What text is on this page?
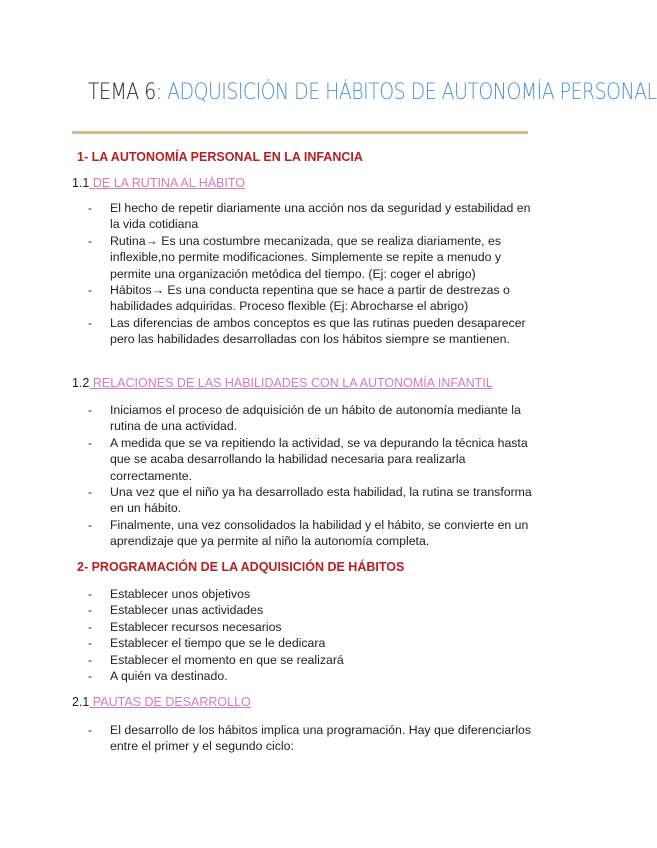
TEMA 6: ADQUISICIÓN DE HÁBITOS DE AUTONOMÍA PERSONAL
1- LA AUTONOMÍA PERSONAL EN LA INFANCIA
1.1 DE LA RUTINA AL HÁBITO
- El hecho de repetir diariamente una acción nos da seguridad y estabilidad en la vida cotidiana
- Rutina→ Es una costumbre mecanizada, que se realiza diariamente, es inflexible,no permite modificaciones. Simplemente se repite a menudo y permite una organización metódica del tiempo. (Ej: coger el abrigo)
- Hábitos→ Es una conducta repentina que se hace a partir de destrezas o habilidades adquiridas. Proceso flexible (Ej: Abrocharse el abrigo)
- Las diferencias de ambos conceptos es que las rutinas pueden desaparecer pero las habilidades desarrolladas con los hábitos siempre se mantienen.
1.2 RELACIONES DE LAS HABILIDADES CON LA AUTONOMÍA INFANTIL
- Iniciamos el proceso de adquisición de un hábito de autonomía mediante la rutina de una actividad.
- A medida que se va repitiendo la actividad, se va depurando la técnica hasta que se acaba desarrollando la habilidad necesaria para realizarla correctamente.
- Una vez que el niño ya ha desarrollado esta habilidad, la rutina se transforma en un hábito.
- Finalmente, una vez consolidados la habilidad y el hábito, se convierte en un aprendizaje que ya permite al niño la autonomía completa.
2- PROGRAMACIÓN DE LA ADQUISICIÓN DE HÁBITOS
- Establecer unos objetivos
- Establecer unas actividades
- Establecer recursos necesarios
- Establecer el tiempo que se le dedicara
- Establecer el momento en que se realizará
- A quién va destinado.
2.1 PAUTAS DE DESARROLLO
- El desarrollo de los hábitos implica una programación. Hay que diferenciarlos entre el primer y el segundo ciclo:
